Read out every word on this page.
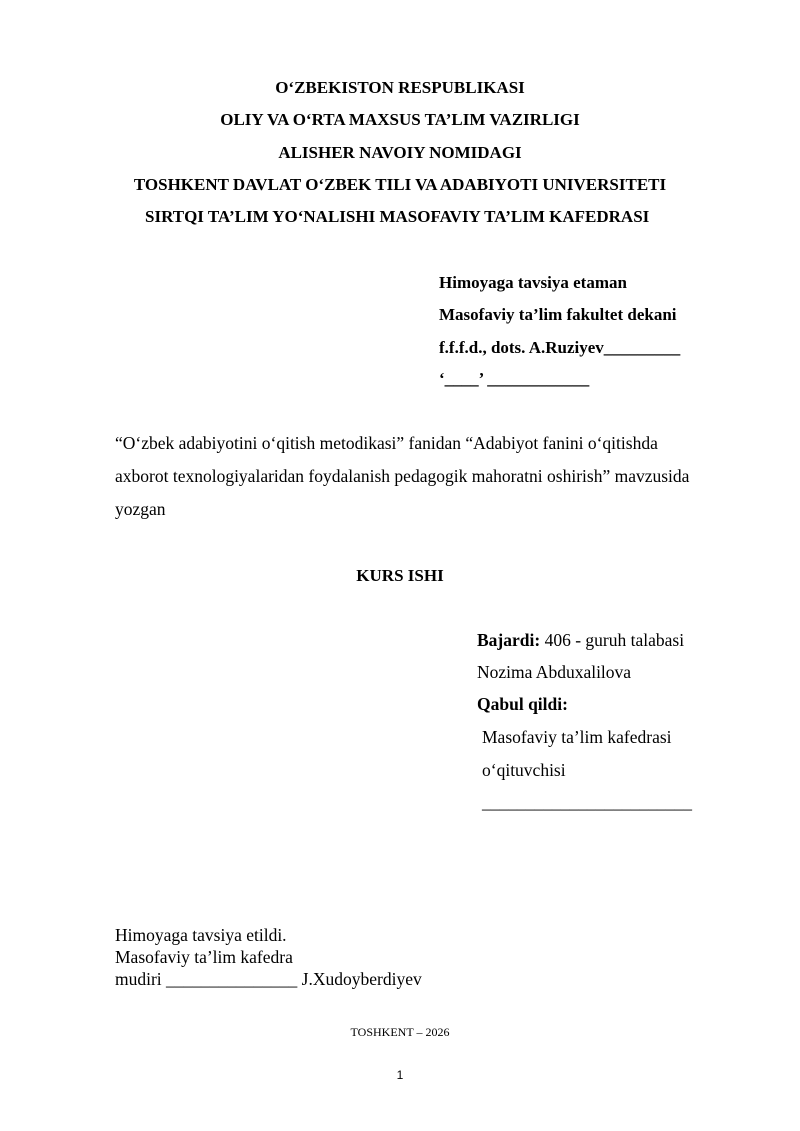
O‘ZBEKISTON RESPUBLIKASI
OLIY VA O‘RTA MAXSUS TA’LIM VAZIRLIGI
ALISHER NAVOIY NOMIDAGI
TOSHKENT DAVLAT O‘ZBEK TILI VA ADABIYOTI UNIVERSITETI
SIRTQI TA’LIM YO‘NALISHI MASOFAVIY TA’LIM KAFEDRASI
Himoyaga tavsiya etaman
Masofaviy ta’lim fakultet dekani
f.f.f.d., dots. A.Ruziyev_________
‘____’ ____________
“O‘zbek adabiyotini o‘qitish metodikasi” fanidan “Adabiyot fanini o‘qitishda
axborot texnologiyalaridan foydalanish pedagogik mahoratni oshirish” mavzusida
yozgan
KURS ISHI
Bajardi: 406 - guruh talabasi
Nozima Abduxalilova
Qabul qildi:
Masofaviy ta’lim kafedrasi
o‘qituvchisi
________________________
Himoyaga tavsiya etildi.
Masofaviy ta’lim kafedra
mudiri _______________ J.Xudoyberdiyev
TOSHKENT – 2026
1
